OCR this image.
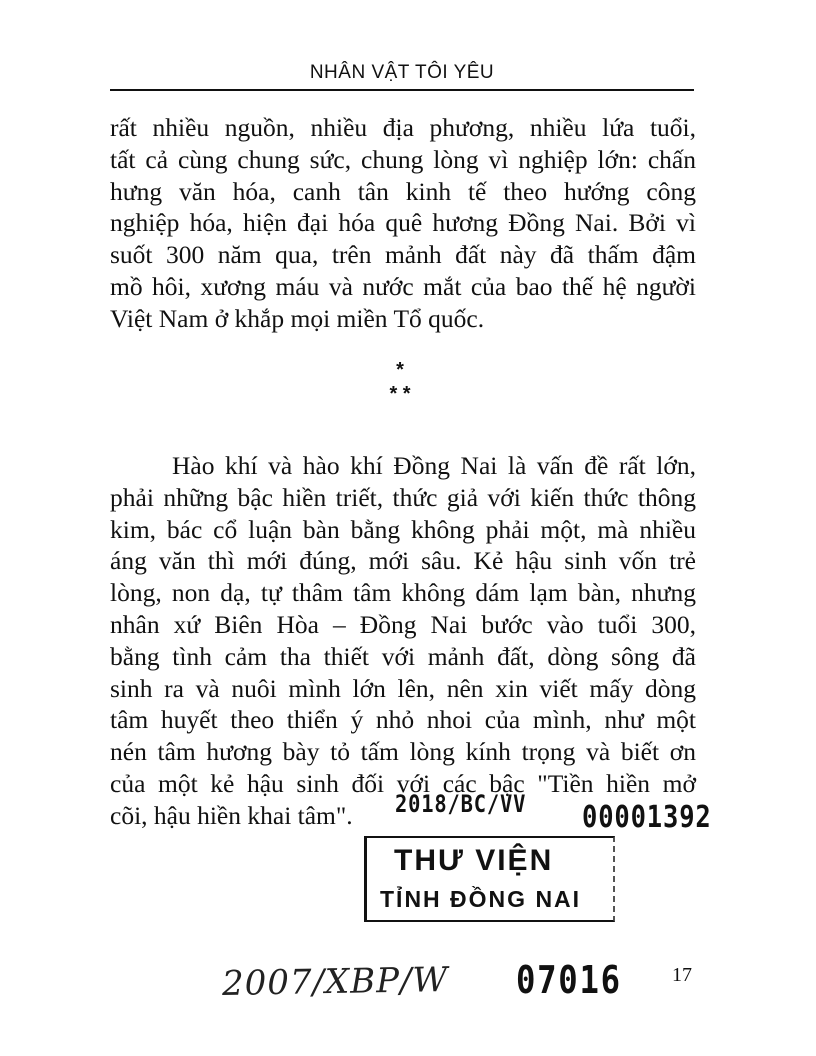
NHÂN VẬT TÔI YÊU
rất nhiều nguồn, nhiều địa phương, nhiều lứa tuổi,
tất cả cùng chung sức, chung lòng vì nghiệp lớn: chấn
hưng văn hóa, canh tân kinh tế theo hướng công
nghiệp hóa, hiện đại hóa quê hương Đồng Nai. Bởi vì
suốt 300 năm qua, trên mảnh đất này đã thấm đậm
mồ hôi, xương máu và nước mắt của bao thế hệ người
Việt Nam ở khắp mọi miền Tổ quốc.
*
* *
Hào khí và hào khí Đồng Nai là vấn đề rất lớn,
phải những bậc hiền triết, thức giả với kiến thức thông
kim, bác cổ luận bàn bằng không phải một, mà nhiều
áng văn thì mới đúng, mới sâu. Kẻ hậu sinh vốn trẻ
lòng, non dạ, tự thâm tâm không dám lạm bàn, nhưng
nhân xứ Biên Hòa – Đồng Nai bước vào tuổi 300,
bằng tình cảm tha thiết với mảnh đất, dòng sông đã
sinh ra và nuôi mình lớn lên, nên xin viết mấy dòng
tâm huyết theo thiển ý nhỏ nhoi của mình, như một
nén tâm hương bày tỏ tấm lòng kính trọng và biết ơn
của một kẻ hậu sinh đối với các bậc "Tiền hiền mở
cõi, hậu hiền khai tâm".	2018/BC/VV 00001392
THƯ VIỆN
TỈNH ĐỒNG NAI
2007/XBP/W 07016	17
